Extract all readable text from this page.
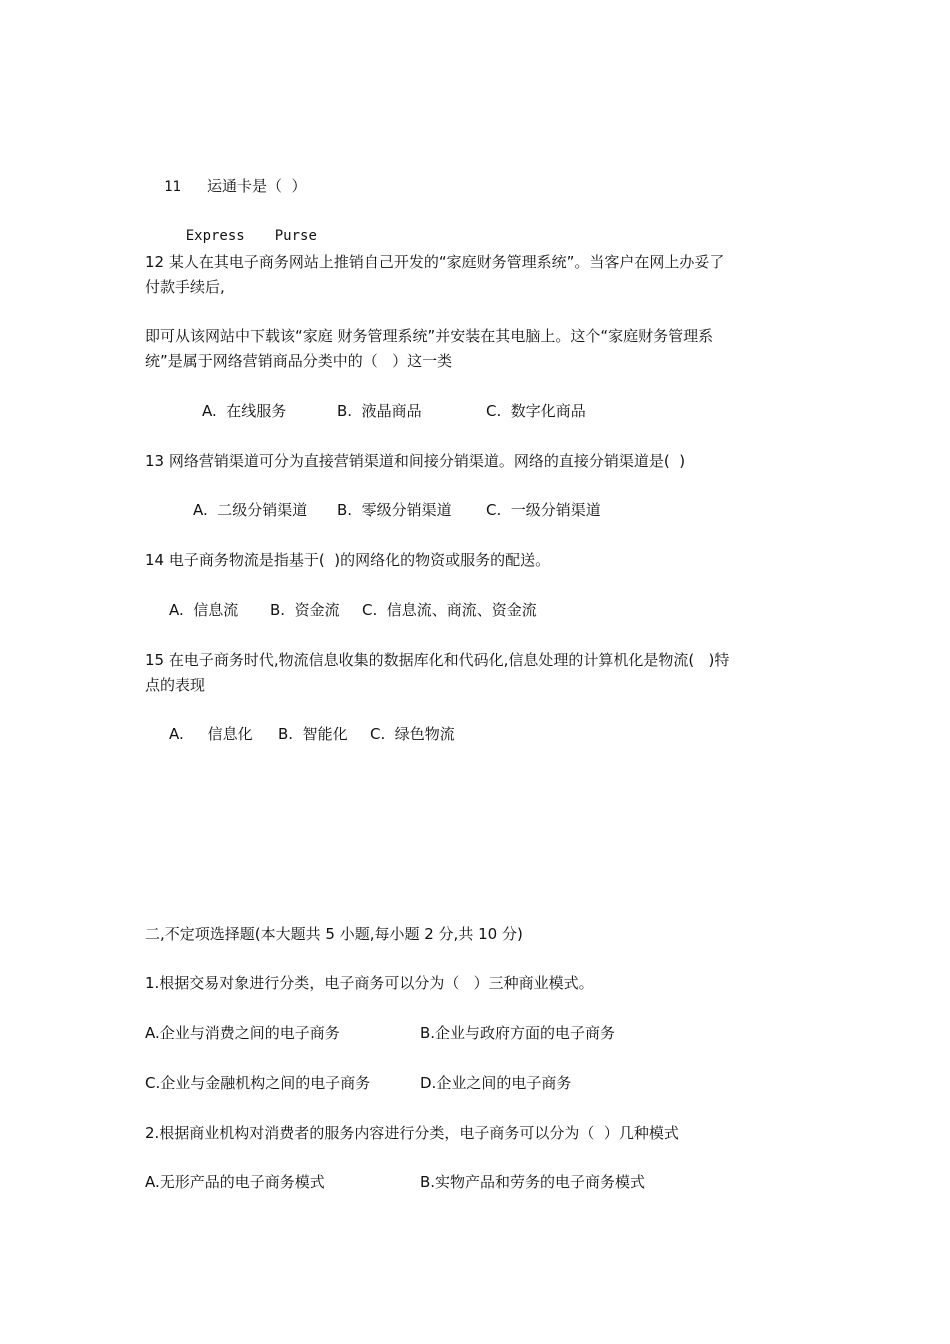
11 运通卡是（  ）

Express Purse

12 某人在其电子商务网站上推销自己开发的“家庭财务管理系统”。当客户在网上办妥了
付款手续后,
即可从该网站中下载该“家庭 财务管理系统”并安装在其电脑上。这个“家庭财务管理系
统”是属于网络营销商品分类中的（   ）这一类
A.  在线服务	B.  液晶商品	C.  数字化商品
13 网络营销渠道可分为直接营销渠道和间接分销渠道。网络的直接分销渠道是(  )
A.  二级分销渠道 B.  零级分销渠道 C.  一级分销渠道
14 电子商务物流是指基于(  )的网络化的物资或服务的配送。
A.  信息流 B.  资金流 C.  信息流、商流、资金流
15 在电子商务时代,物流信息收集的数据库化和代码化,信息处理的计算机化是物流(   )特
点的表现
A.     信息化 B.  智能化 C.  绿色物流
二,不定项选择题(本大题共 5 小题,每小题 2 分,共 10 分)
1.根据交易对象进行分类，电子商务可以分为（   ）三种商业模式。
A.企业与消费之间的电子商务	B.企业与政府方面的电子商务
C.企业与金融机构之间的电子商务	D.企业之间的电子商务
2.根据商业机构对消费者的服务内容进行分类，电子商务可以分为（  ）几种模式
A.无形产品的电子商务模式	B.实物产品和劳务的电子商务模式
